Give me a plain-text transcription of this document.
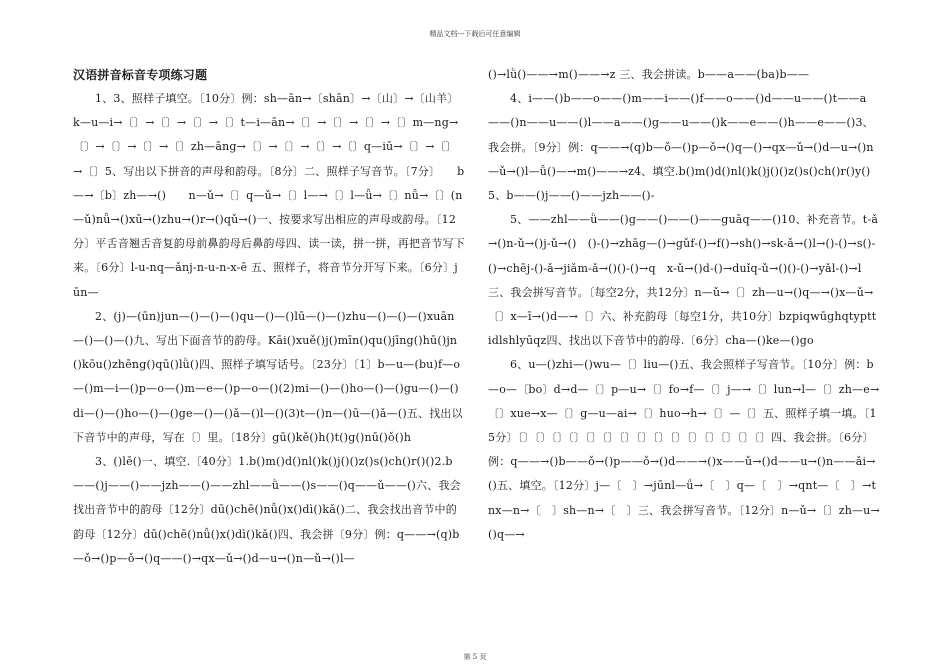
精品文档---下载后可任意编辑
汉语拼音标音专项练习题

1、3、照样子填空。〔10分〕例：sh—ān→〔shān〕→〔山〕→〔山羊〕k—u—i→〔〕→〔〕→〔〕→〔〕t—i—ān→〔〕→〔〕→〔〕→〔〕m—ng→〔〕→〔〕→〔〕→〔〕zh—āng→〔〕→〔〕→〔〕→〔〕q—iū→〔〕→〔〕→〔〕5、写出以下拼音的声母和韵母。〔8分〕二、照样子写音节。〔7分〕　　b—→〔b〕zh—→()　　n—ǔ→〔〕q—ǔ→〔〕l—→〔〕l—ǚ→〔〕nǚ→〔〕(n—ǔ)nǚ→()xū→()zhu→()r→()qǔ→()一、按要求写出相应的声母或韵母。〔12分〕平舌音翘舌音复韵母前鼻韵母后鼻韵母四、读一读，拼一拼，再把音节写下来。〔6分〕l-u-nq—ǎnj-n-u-n-x-ē 五、照样子，将音节分开写下来。〔6分〕jūn—

2、(j)—(ūn)jun—()—()—()qu—()—()lū—()—()zhu—()—()—()xuān—()—()—()九、写出下面音节的韵母。Kāi()xuě()j()mīn()qu()jīng()hū()jn()kōu()zhēng()qū()lǜ()四、照样子填写话号。〔23分〕〔1〕b—u—(bu)f—o—()m—i—()p—o—()m—e—()p—o—()(2)mi—()—()ho—()—()gu—()—()di—()—()ho—()—()ge—()—()ǎ—()l—()(3)t—()n—()ū—()ǎ—()五、找出以下音节中的声母，写在〔〕里。〔18分〕gū()kě()h()t()g()nū()ǒ()h

3、()lē()一、填空.〔40分〕1.b()m()d()nl()k()j()()z()s()ch()r()()2.b——()j——()——jzh——()——zhl——ǜ——()s——()q——ǔ——()六、我会找出音节中的韵母〔12分〕dū()chē()nǚ()x()dì()kǎ()二、我会找出音节中的韵母〔12分〕dū()chē()nǚ()x()dì()kǎ()四、我会拼〔9分〕例：q——→(q)b—ǒ→()p—ǒ→()q——()→qx—ǔ→()d—u→()n—ǔ→()l—

()→lǜ()——→m()——→z 三、我会拼读。b——a——(ba)b——

4、i——()b——o——()m——i——()f——o——()d——u——()t——a——()n——u——()l——a——()g——u——()k——e——()h——e——()3、我会拼。〔9分〕例：q——→(q)b—ǒ—()p—ǒ→()q—()→qx—ǔ→()d—u→()n—ǔ→()l—ǚ()—→m()——→z4、填空.b()m()d()nl()k()j()()z()s()ch()r()y()5、b——()j——()——jzh——()-

5、——zhl——ǜ——()g——()——()——guāq——()10、补充音节。t-ǎ→()n-ǔ→()j-ǔ→()　()-()→zhāg—()→gǔf-()→f()→sh()→sk-ǎ→()l→()-()→s()-()→chēj-()-ǎ→jiǎm-ǎ→()()-()→q　x-ǔ→()d-()→duǐq-ǔ→()()-()→yǎl-()→l 三、我会拼写音节。〔每空2分，共12分〕n—ǔ→〔〕zh—u→()q—→()x—ǔ→〔〕x—ī→()d—→〔〕六、补充韵母〔每空1分，共10分〕bzpiqwūghqtypttidlshlyūqz四、找出以下音节中的韵母.〔6分〕cha—()ke—()go

6、u—()zhi—()wu—〔〕liu—()五、我会照样子写音节。〔10分〕例：b—o—〔bo〕d→d—〔〕p—u→〔〕fo→f—〔〕j—→〔〕lun→l—〔〕zh—e→〔〕xue→x—〔〕g—u—ai→〔〕huo→h→〔〕—〔〕五、照样子填一填。〔15分〕〔〕〔〕〔〕〔〕〔〕〔〕〔〕〔〕〔〕〔〕〔〕〔〕〔〕〔〕〔〕四、我会拼。〔6分〕例：q——→()b——ǒ→()p——ǒ→()d——→()x——ǔ→()d——u→()n——ǎi→()五、填空。〔12分〕j—〔　〕→jūnl—ǘ→〔　〕q—〔　〕→qnt—〔　〕→tnx—n→〔　〕sh—n→〔　〕三、我会拼写音节。〔12分〕n—ǔ→〔〕zh—u→()q—→

第 5 页
